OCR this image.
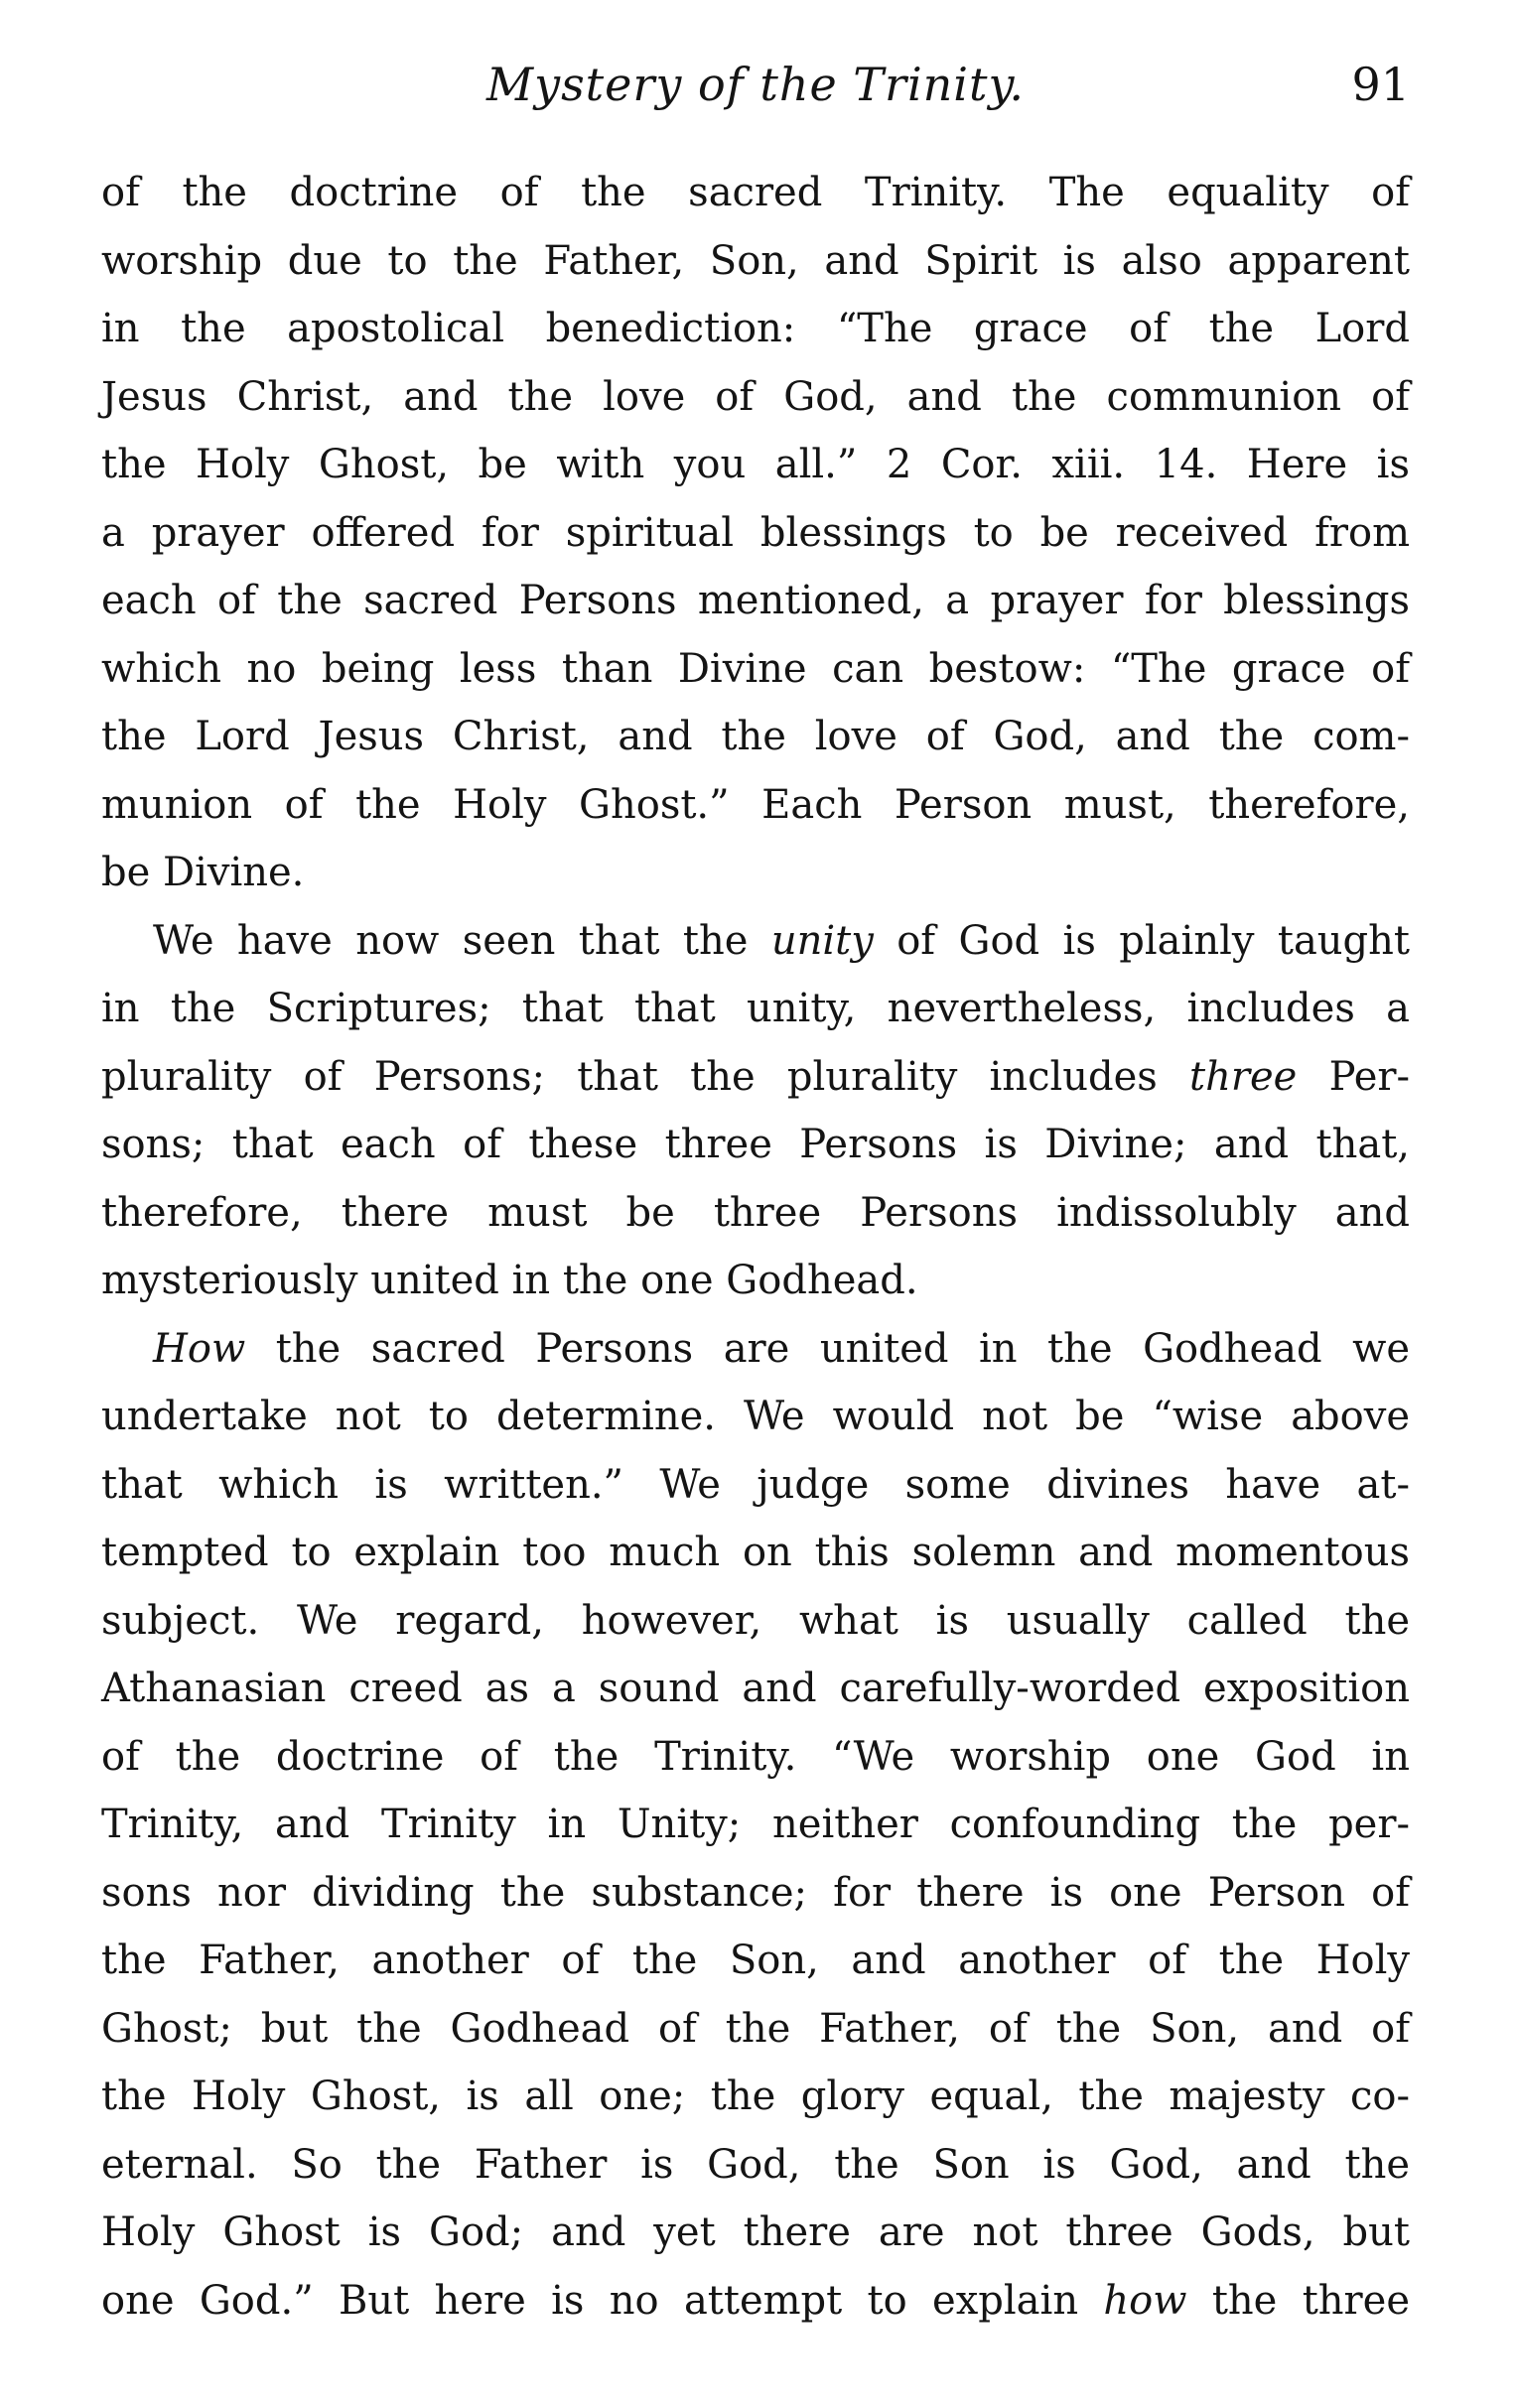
Mystery of the Trinity.	91
of the doctrine of the sacred Trinity. The equality of
worship due to the Father, Son, and Spirit is also apparent
in the apostolical benediction: “The grace of the Lord
Jesus Christ, and the love of God, and the communion of
the Holy Ghost, be with you all.” 2 Cor. xiii. 14. Here is
a prayer offered for spiritual blessings to be received from
each of the sacred Persons mentioned, a prayer for blessings
which no being less than Divine can bestow: “The grace of
the Lord Jesus Christ, and the love of God, and the com-
munion of the Holy Ghost.” Each Person must, therefore,
be Divine.
We have now seen that the unity of God is plainly taught
in the Scriptures; that that unity, nevertheless, includes a
plurality of Persons; that the plurality includes three Per-
sons; that each of these three Persons is Divine; and that,
therefore, there must be three Persons indissolubly and
mysteriously united in the one Godhead.
How the sacred Persons are united in the Godhead we
undertake not to determine. We would not be “wise above
that which is written.” We judge some divines have at-
tempted to explain too much on this solemn and momentous
subject. We regard, however, what is usually called the
Athanasian creed as a sound and carefully-worded exposition
of the doctrine of the Trinity. “We worship one God in
Trinity, and Trinity in Unity; neither confounding the per-
sons nor dividing the substance; for there is one Person of
the Father, another of the Son, and another of the Holy
Ghost; but the Godhead of the Father, of the Son, and of
the Holy Ghost, is all one; the glory equal, the majesty co-
eternal. So the Father is God, the Son is God, and the
Holy Ghost is God; and yet there are not three Gods, but
one God.” But here is no attempt to explain how the three
